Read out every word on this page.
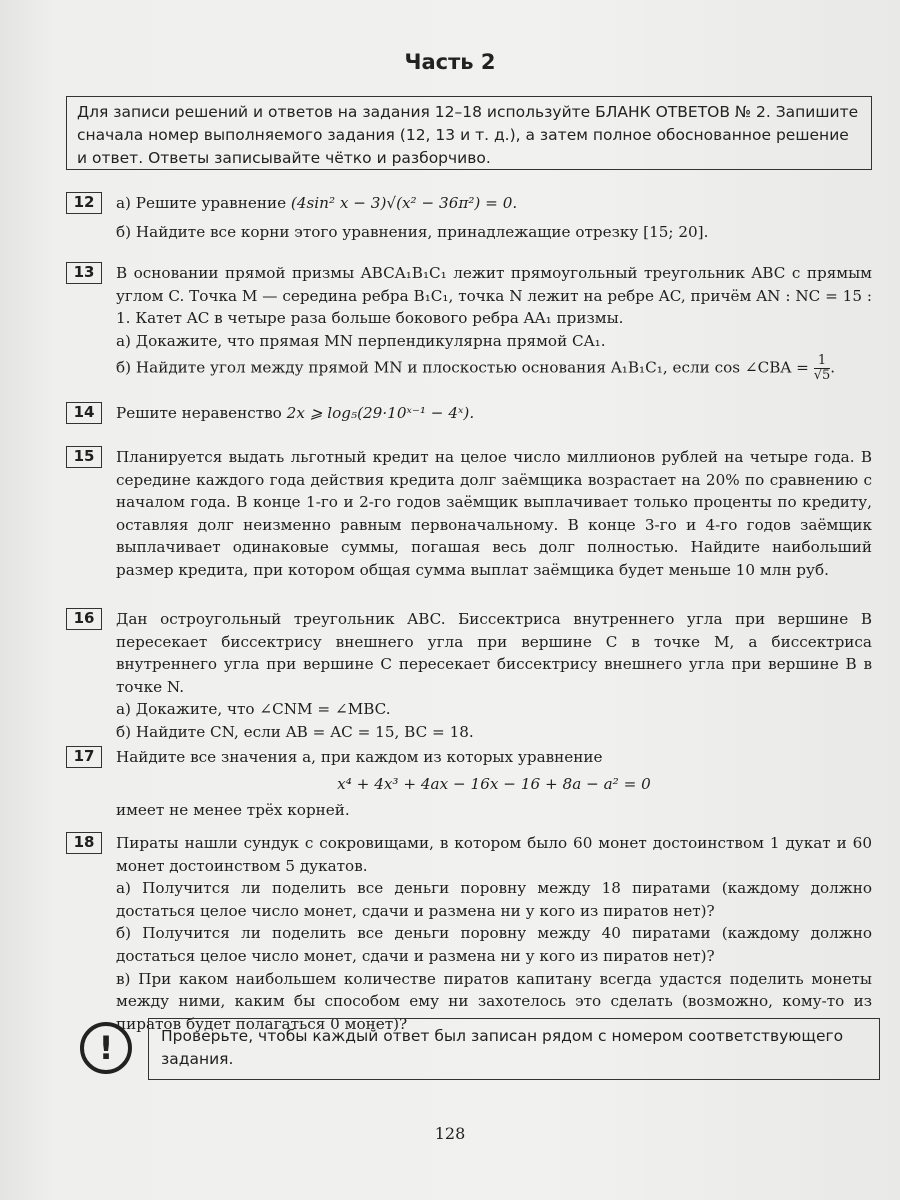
Часть 2
Для записи решений и ответов на задания 12–18 используйте БЛАНК ОТВЕТОВ № 2. Запишите сначала номер выполняемого задания (12, 13 и т. д.), а затем полное обоснованное решение и ответ. Ответы записывайте чётко и разборчиво.
12	а) Решите уравнение (4sin² x − 3)√(x² − 36π²) = 0.

б) Найдите все корни этого уравнения, принадлежащие отрезку [15; 20].

13	В основании прямой призмы ABCA₁B₁C₁ лежит прямоугольный треугольник ABC с прямым углом C. Точка M — середина ребра B₁C₁, точка N лежит на ребре AC, причём AN : NC = 15 : 1. Катет AC в четыре раза больше бокового ребра AA₁ призмы.

а) Докажите, что прямая MN перпендикулярна прямой CA₁.

б) Найдите угол между прямой MN и плоскостью основания A₁B₁C₁, если cos ∠CBA = $\frac{1}{√5}$ .

14	Решите неравенство 2x ⩾ log₅(29·10ˣ⁻¹ − 4ˣ).

15	Планируется выдать льготный кредит на целое число миллионов рублей на четыре года. В середине каждого года действия кредита долг заёмщика возрастает на 20% по сравнению с началом года. В конце 1-го и 2-го годов заёмщик выплачивает только проценты по кредиту, оставляя долг неизменно равным первоначальному. В конце 3-го и 4-го годов заёмщик выплачивает одинаковые суммы, погашая весь долг полностью. Найдите наибольший размер кредита, при котором общая сумма выплат заёмщика будет меньше 10 млн руб.

16	Дан остроугольный треугольник ABC. Биссектриса внутреннего угла при вершине B пересекает биссектрису внешнего угла при вершине C в точке M, а биссектриса внутреннего угла при вершине C пересекает биссектрису внешнего угла при вершине B в точке N.

а) Докажите, что ∠CNM = ∠MBC.

б) Найдите CN, если AB = AC = 15, BC = 18.

17	Найдите все значения a, при каждом из которых уравнение

x⁴ + 4x³ + 4ax − 16x − 16 + 8a − a² = 0

имеет не менее трёх корней.

18	Пираты нашли сундук с сокровищами, в котором было 60 монет достоинством 1 дукат и 60 монет достоинством 5 дукатов.

а) Получится ли поделить все деньги поровну между 18 пиратами (каждому должно достаться целое число монет, сдачи и размена ни у кого из пиратов нет)?

б) Получится ли поделить все деньги поровну между 40 пиратами (каждому должно достаться целое число монет, сдачи и размена ни у кого из пиратов нет)?

в) При каком наибольшем количестве пиратов капитану всегда удастся поделить монеты между ними, каким бы способом ему ни захотелось это сделать (возможно, кому-то из пиратов будет полагаться 0 монет)?

!	Проверьте, чтобы каждый ответ был записан рядом с номером соответствующего задания.
128
